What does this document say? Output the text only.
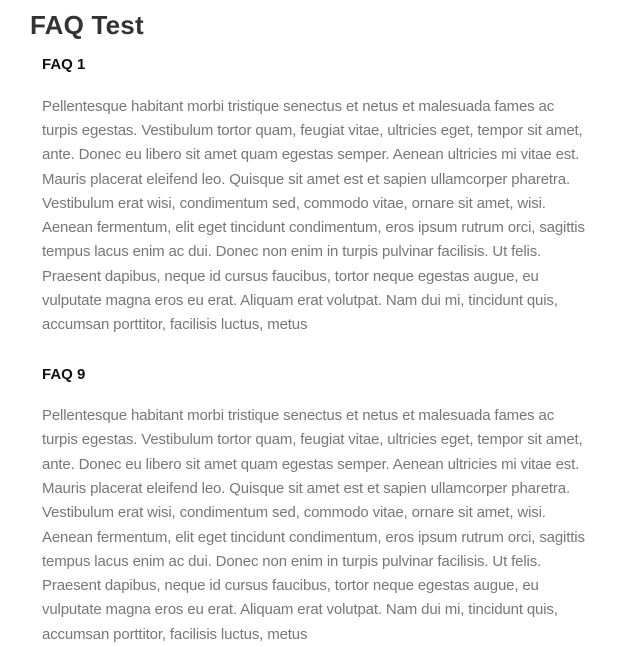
FAQ Test
FAQ 1

Pellentesque habitant morbi tristique senectus et netus et malesuada fames ac turpis egestas. Vestibulum tortor quam, feugiat vitae, ultricies eget, tempor sit amet, ante. Donec eu libero sit amet quam egestas semper. Aenean ultricies mi vitae est. Mauris placerat eleifend leo. Quisque sit amet est et sapien ullamcorper pharetra. Vestibulum erat wisi, condimentum sed, commodo vitae, ornare sit amet, wisi. Aenean fermentum, elit eget tincidunt condimentum, eros ipsum rutrum orci, sagittis tempus lacus enim ac dui. Donec non enim in turpis pulvinar facilisis. Ut felis. Praesent dapibus, neque id cursus faucibus, tortor neque egestas augue, eu vulputate magna eros eu erat. Aliquam erat volutpat. Nam dui mi, tincidunt quis, accumsan porttitor, facilisis luctus, metus

FAQ 9

Pellentesque habitant morbi tristique senectus et netus et malesuada fames ac turpis egestas. Vestibulum tortor quam, feugiat vitae, ultricies eget, tempor sit amet, ante. Donec eu libero sit amet quam egestas semper. Aenean ultricies mi vitae est. Mauris placerat eleifend leo. Quisque sit amet est et sapien ullamcorper pharetra. Vestibulum erat wisi, condimentum sed, commodo vitae, ornare sit amet, wisi. Aenean fermentum, elit eget tincidunt condimentum, eros ipsum rutrum orci, sagittis tempus lacus enim ac dui. Donec non enim in turpis pulvinar facilisis. Ut felis. Praesent dapibus, neque id cursus faucibus, tortor neque egestas augue, eu vulputate magna eros eu erat. Aliquam erat volutpat. Nam dui mi, tincidunt quis, accumsan porttitor, facilisis luctus, metus
